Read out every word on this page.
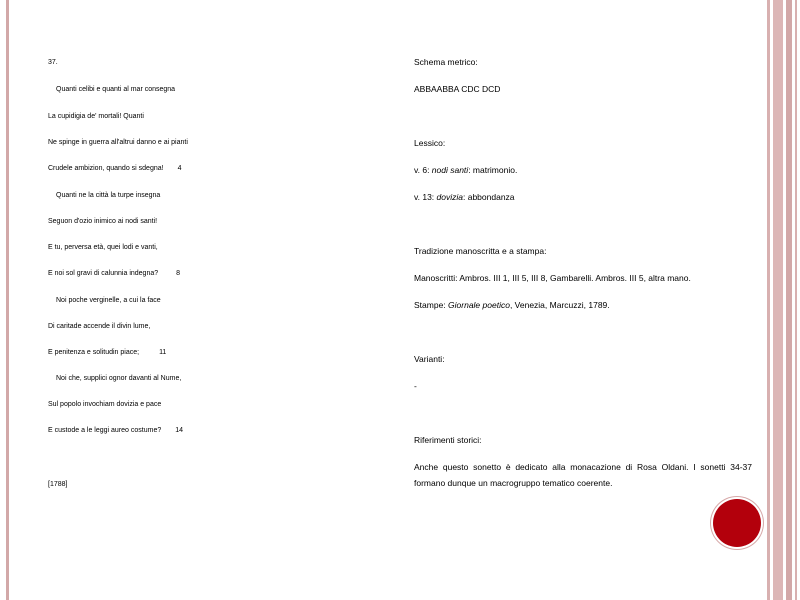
37.
Quanti celibi e quanti al mar consegna
La cupidigia de' mortali! Quanti
Ne spinge in guerra all'altrui danno e ai pianti
Crudele ambizion, quando si sdegna! 4
Quanti ne la città la turpe insegna
Seguon d'ozio inimico ai nodi santi!
E tu, perversa età, quei lodi e vanti,
E noi sol gravi di calunnia indegna?	8
Noi poche verginelle, a cui la face
Di caritade accende il divin lume,
E penitenza e solitudin piace;	11
Noi che, supplici ognor davanti al Nume,
Sul popolo invochiam dovizia e pace
E custode a le leggi aureo costume? 14
[1788]
Schema metrico:
ABBAABBA CDC DCD
Lessico:
v. 6: nodi santi: matrimonio.
v. 13: dovizia: abbondanza
Tradizione manoscritta e a stampa:
Manoscritti: Ambros. III 1, III 5, III 8, Gambarelli. Ambros. III 5, altra mano.
Stampe: Giornale poetico, Venezia, Marcuzzi, 1789.
Varianti:
-
Riferimenti storici:
Anche questo sonetto è dedicato alla monacazione di Rosa Oldani. I sonetti 34-37 formano dunque un macrogruppo tematico coerente.
